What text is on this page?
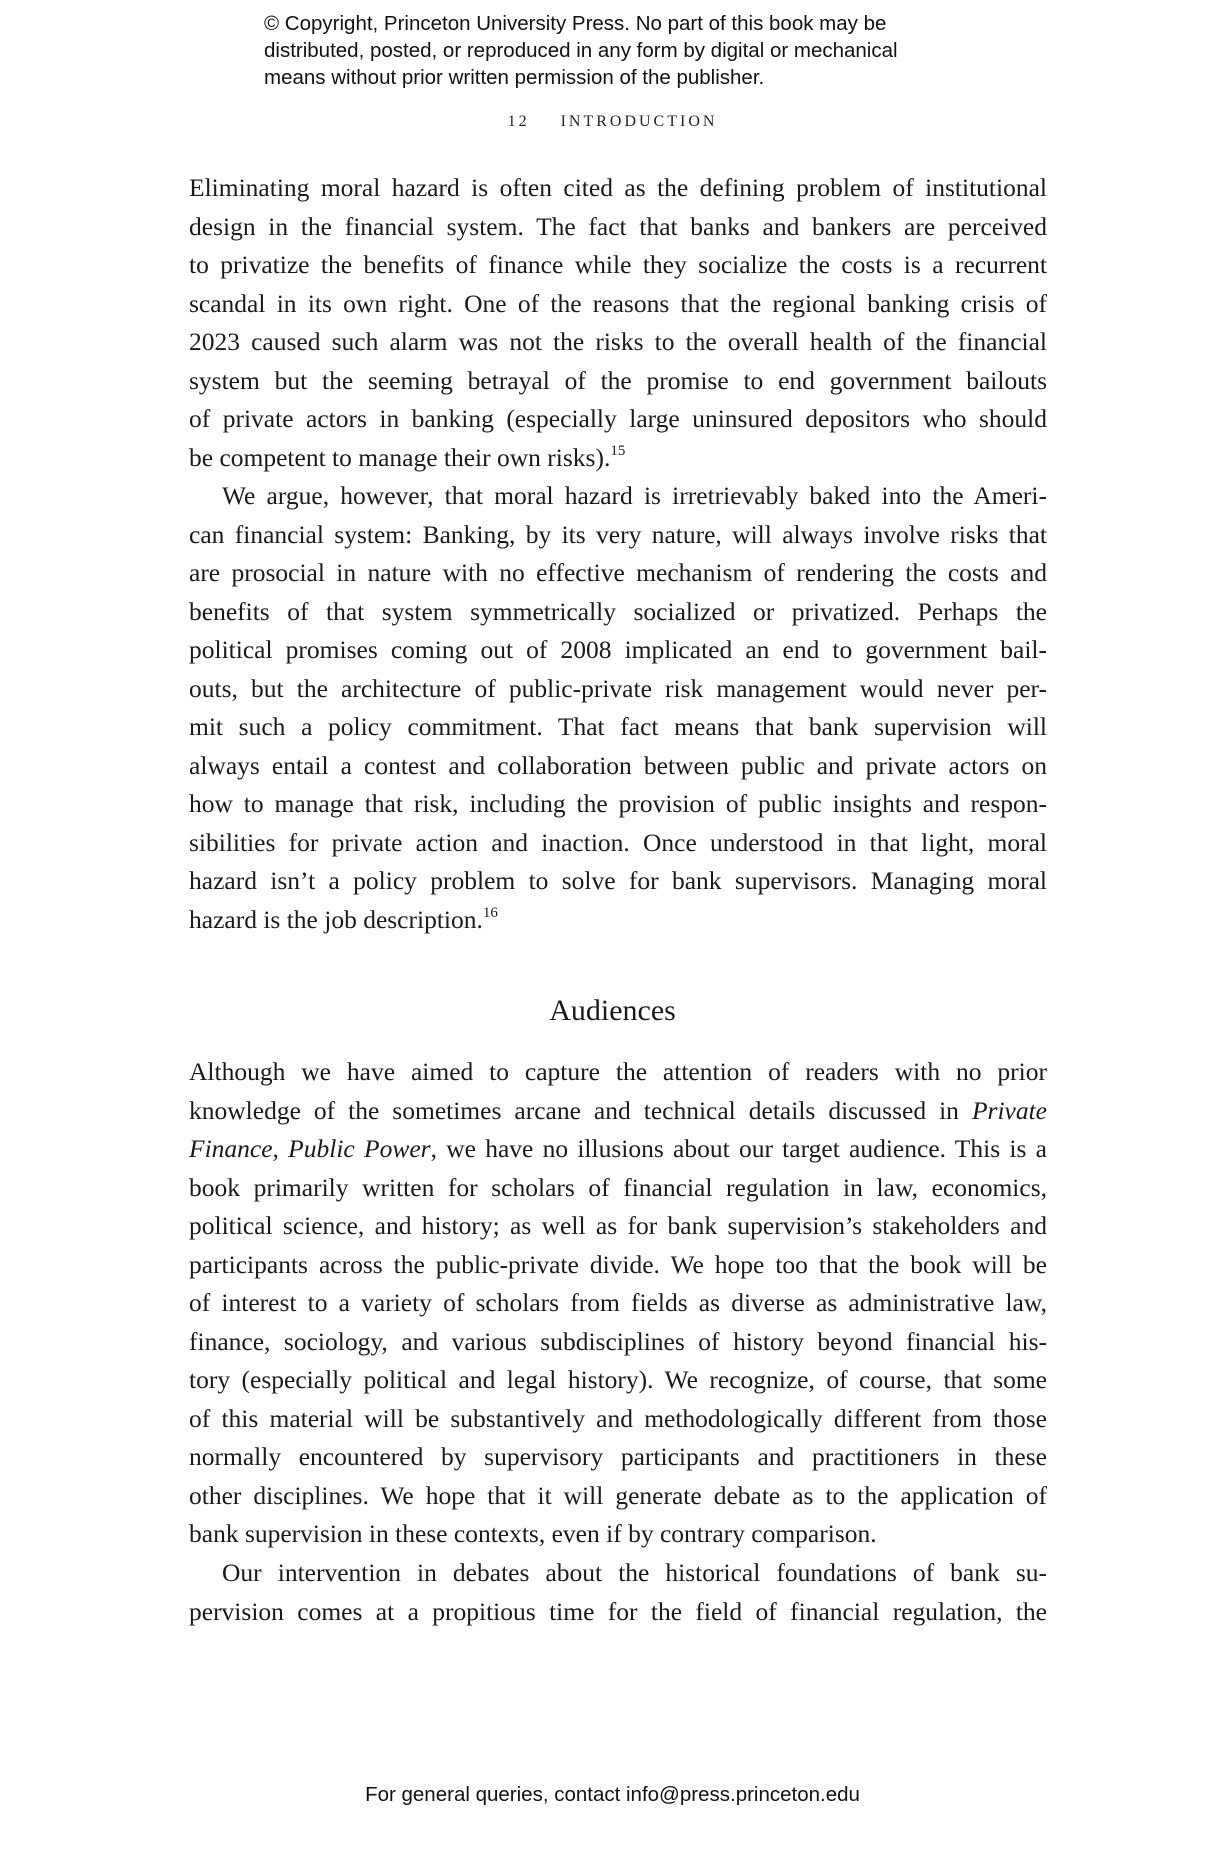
© Copyright, Princeton University Press. No part of this book may be
distributed, posted, or reproduced in any form by digital or mechanical
means without prior written permission of the publisher.
12 INTRODUCTION
Eliminating moral hazard is often cited as the defining problem of institutional
design in the financial system. The fact that banks and bankers are perceived
to privatize the benefits of finance while they socialize the costs is a recurrent
scandal in its own right. One of the reasons that the regional banking crisis of
2023 caused such alarm was not the risks to the overall health of the financial
system but the seeming betrayal of the promise to end government bailouts
of private actors in banking (especially large uninsured depositors who should
be competent to manage their own risks).$^{15}$
We argue, however, that moral hazard is irretrievably baked into the Ameri-
can financial system: Banking, by its very nature, will always involve risks that
are prosocial in nature with no effective mechanism of rendering the costs and
benefits of that system symmetrically socialized or privatized. Perhaps the
political promises coming out of 2008 implicated an end to government bail-
outs, but the architecture of public-private risk management would never per-
mit such a policy commitment. That fact means that bank supervision will
always entail a contest and collaboration between public and private actors on
how to manage that risk, including the provision of public insights and respon-
sibilities for private action and inaction. Once understood in that light, moral
hazard isn’t a policy problem to solve for bank supervisors. Managing moral
hazard is the job description.$^{16}$
Audiences
Although we have aimed to capture the attention of readers with no prior
knowledge of the sometimes arcane and technical details discussed in Private
Finance, Public Power, we have no illusions about our target audience. This is a
book primarily written for scholars of financial regulation in law, economics,
political science, and history; as well as for bank supervision’s stakeholders and
participants across the public-private divide. We hope too that the book will be
of interest to a variety of scholars from fields as diverse as administrative law,
finance, sociology, and various subdisciplines of history beyond financial his-
tory (especially political and legal history). We recognize, of course, that some
of this material will be substantively and methodologically different from those
normally encountered by supervisory participants and practitioners in these
other disciplines. We hope that it will generate debate as to the application of
bank supervision in these contexts, even if by contrary comparison.
Our intervention in debates about the historical foundations of bank su-
pervision comes at a propitious time for the field of financial regulation, the
For general queries, contact info@press.princeton.edu
